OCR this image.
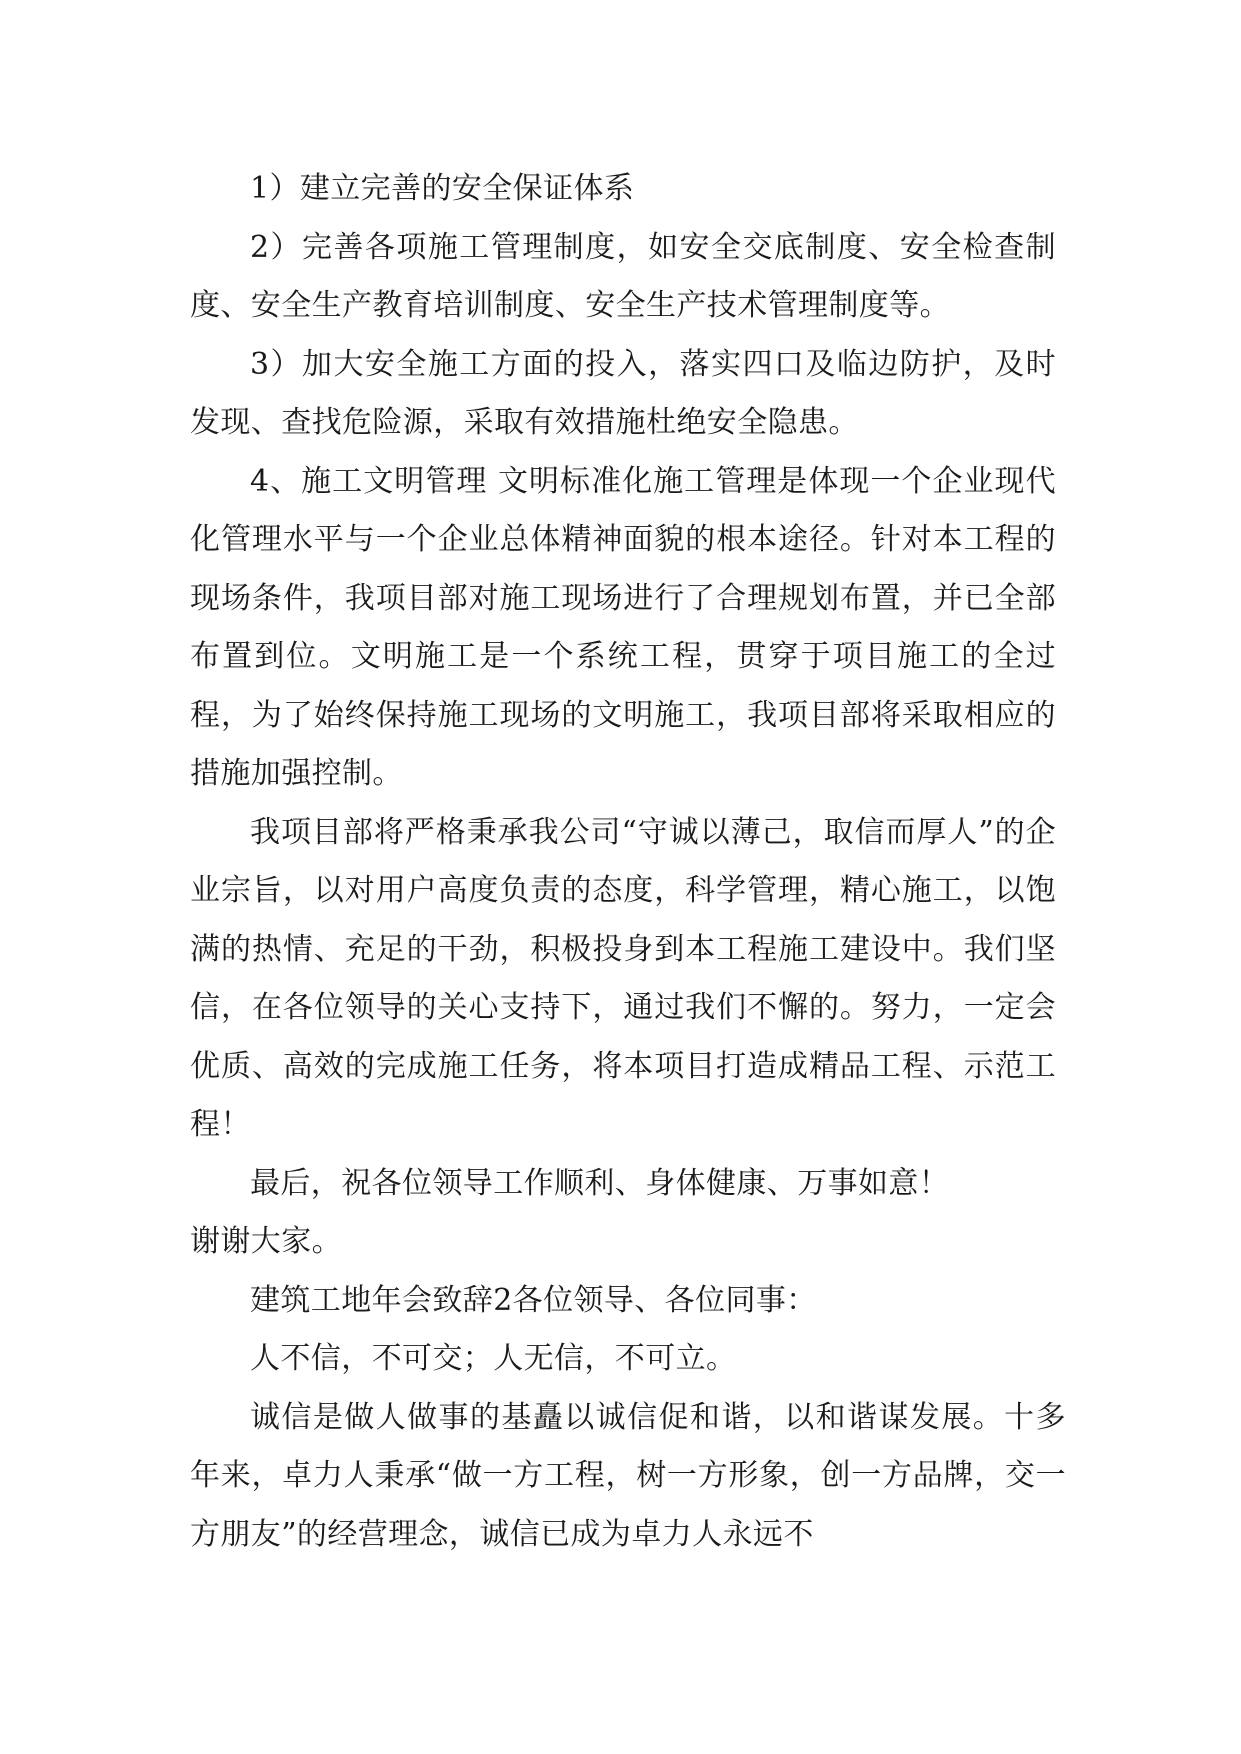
1）建立完善的安全保证体系

2）完善各项施工管理制度，如安全交底制度、安全检查制度、安全生产教育培训制度、安全生产技术管理制度等。

3）加大安全施工方面的投入，落实四口及临边防护，及时发现、查找危险源，采取有效措施杜绝安全隐患。

4、施工文明管理 文明标准化施工管理是体现一个企业现代化管理水平与一个企业总体精神面貌的根本途径。针对本工程的现场条件，我项目部对施工现场进行了合理规划布置，并已全部布置到位。文明施工是一个系统工程，贯穿于项目施工的全过程，为了始终保持施工现场的文明施工，我项目部将采取相应的措施加强控制。

我项目部将严格秉承我公司“守诚以薄己，取信而厚人”的企业宗旨，以对用户高度负责的态度，科学管理，精心施工，以饱满的热情、充足的干劲，积极投身到本工程施工建设中。我们坚信，在各位领导的关心支持下，通过我们不懈的。努力，一定会优质、高效的完成施工任务，将本项目打造成精品工程、示范工程！

最后，祝各位领导工作顺利、身体健康、万事如意！

谢谢大家。

建筑工地年会致辞2各位领导、各位同事：

人不信，不可交；人无信，不可立。

诚信是做人做事的基矗以诚信促和谐，以和谐谋发展。十多年来，卓力人秉承“做一方工程，树一方形象，创一方品牌，交一方朋友”的经营理念，诚信已成为卓力人永远不
